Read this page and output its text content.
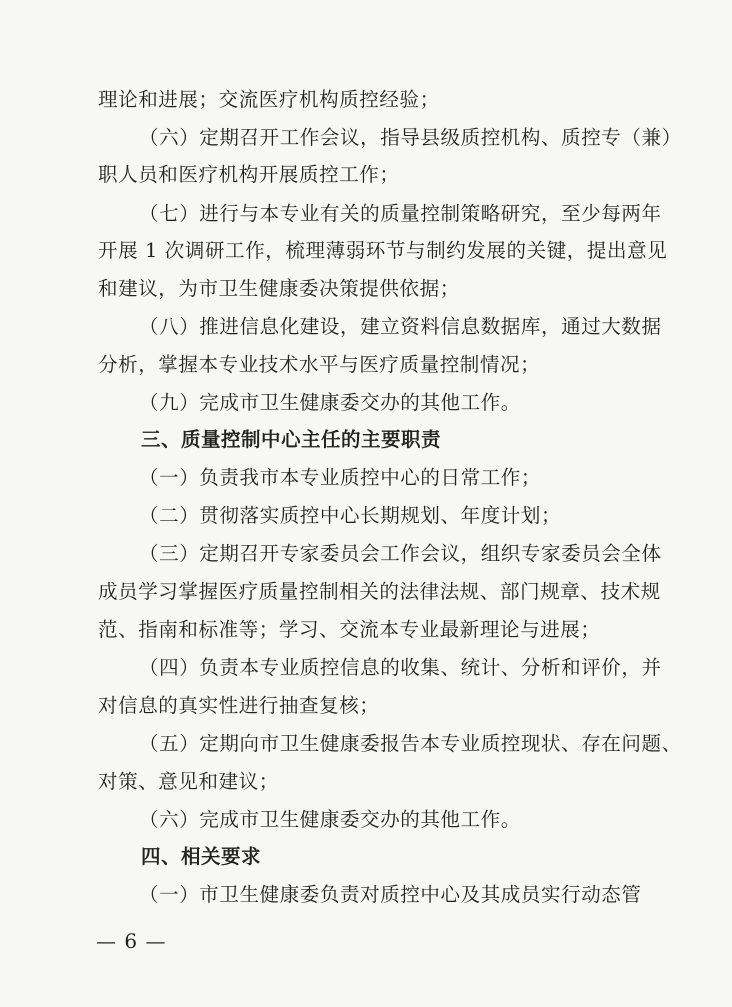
理论和进展；交流医疗机构质控经验；
（六）定期召开工作会议，指导县级质控机构、质控专（兼）
职人员和医疗机构开展质控工作；
（七）进行与本专业有关的质量控制策略研究，至少每两年
开展 1 次调研工作，梳理薄弱环节与制约发展的关键，提出意见
和建议，为市卫生健康委决策提供依据；
（八）推进信息化建设，建立资料信息数据库，通过大数据
分析，掌握本专业技术水平与医疗质量控制情况；
（九）完成市卫生健康委交办的其他工作。
三、质量控制中心主任的主要职责
（一）负责我市本专业质控中心的日常工作；
（二）贯彻落实质控中心长期规划、年度计划；
（三）定期召开专家委员会工作会议，组织专家委员会全体
成员学习掌握医疗质量控制相关的法律法规、部门规章、技术规
范、指南和标准等；学习、交流本专业最新理论与进展；
（四）负责本专业质控信息的收集、统计、分析和评价，并
对信息的真实性进行抽查复核；
（五）定期向市卫生健康委报告本专业质控现状、存在问题、
对策、意见和建议；
（六）完成市卫生健康委交办的其他工作。
四、相关要求
（一）市卫生健康委负责对质控中心及其成员实行动态管
— 6 —
